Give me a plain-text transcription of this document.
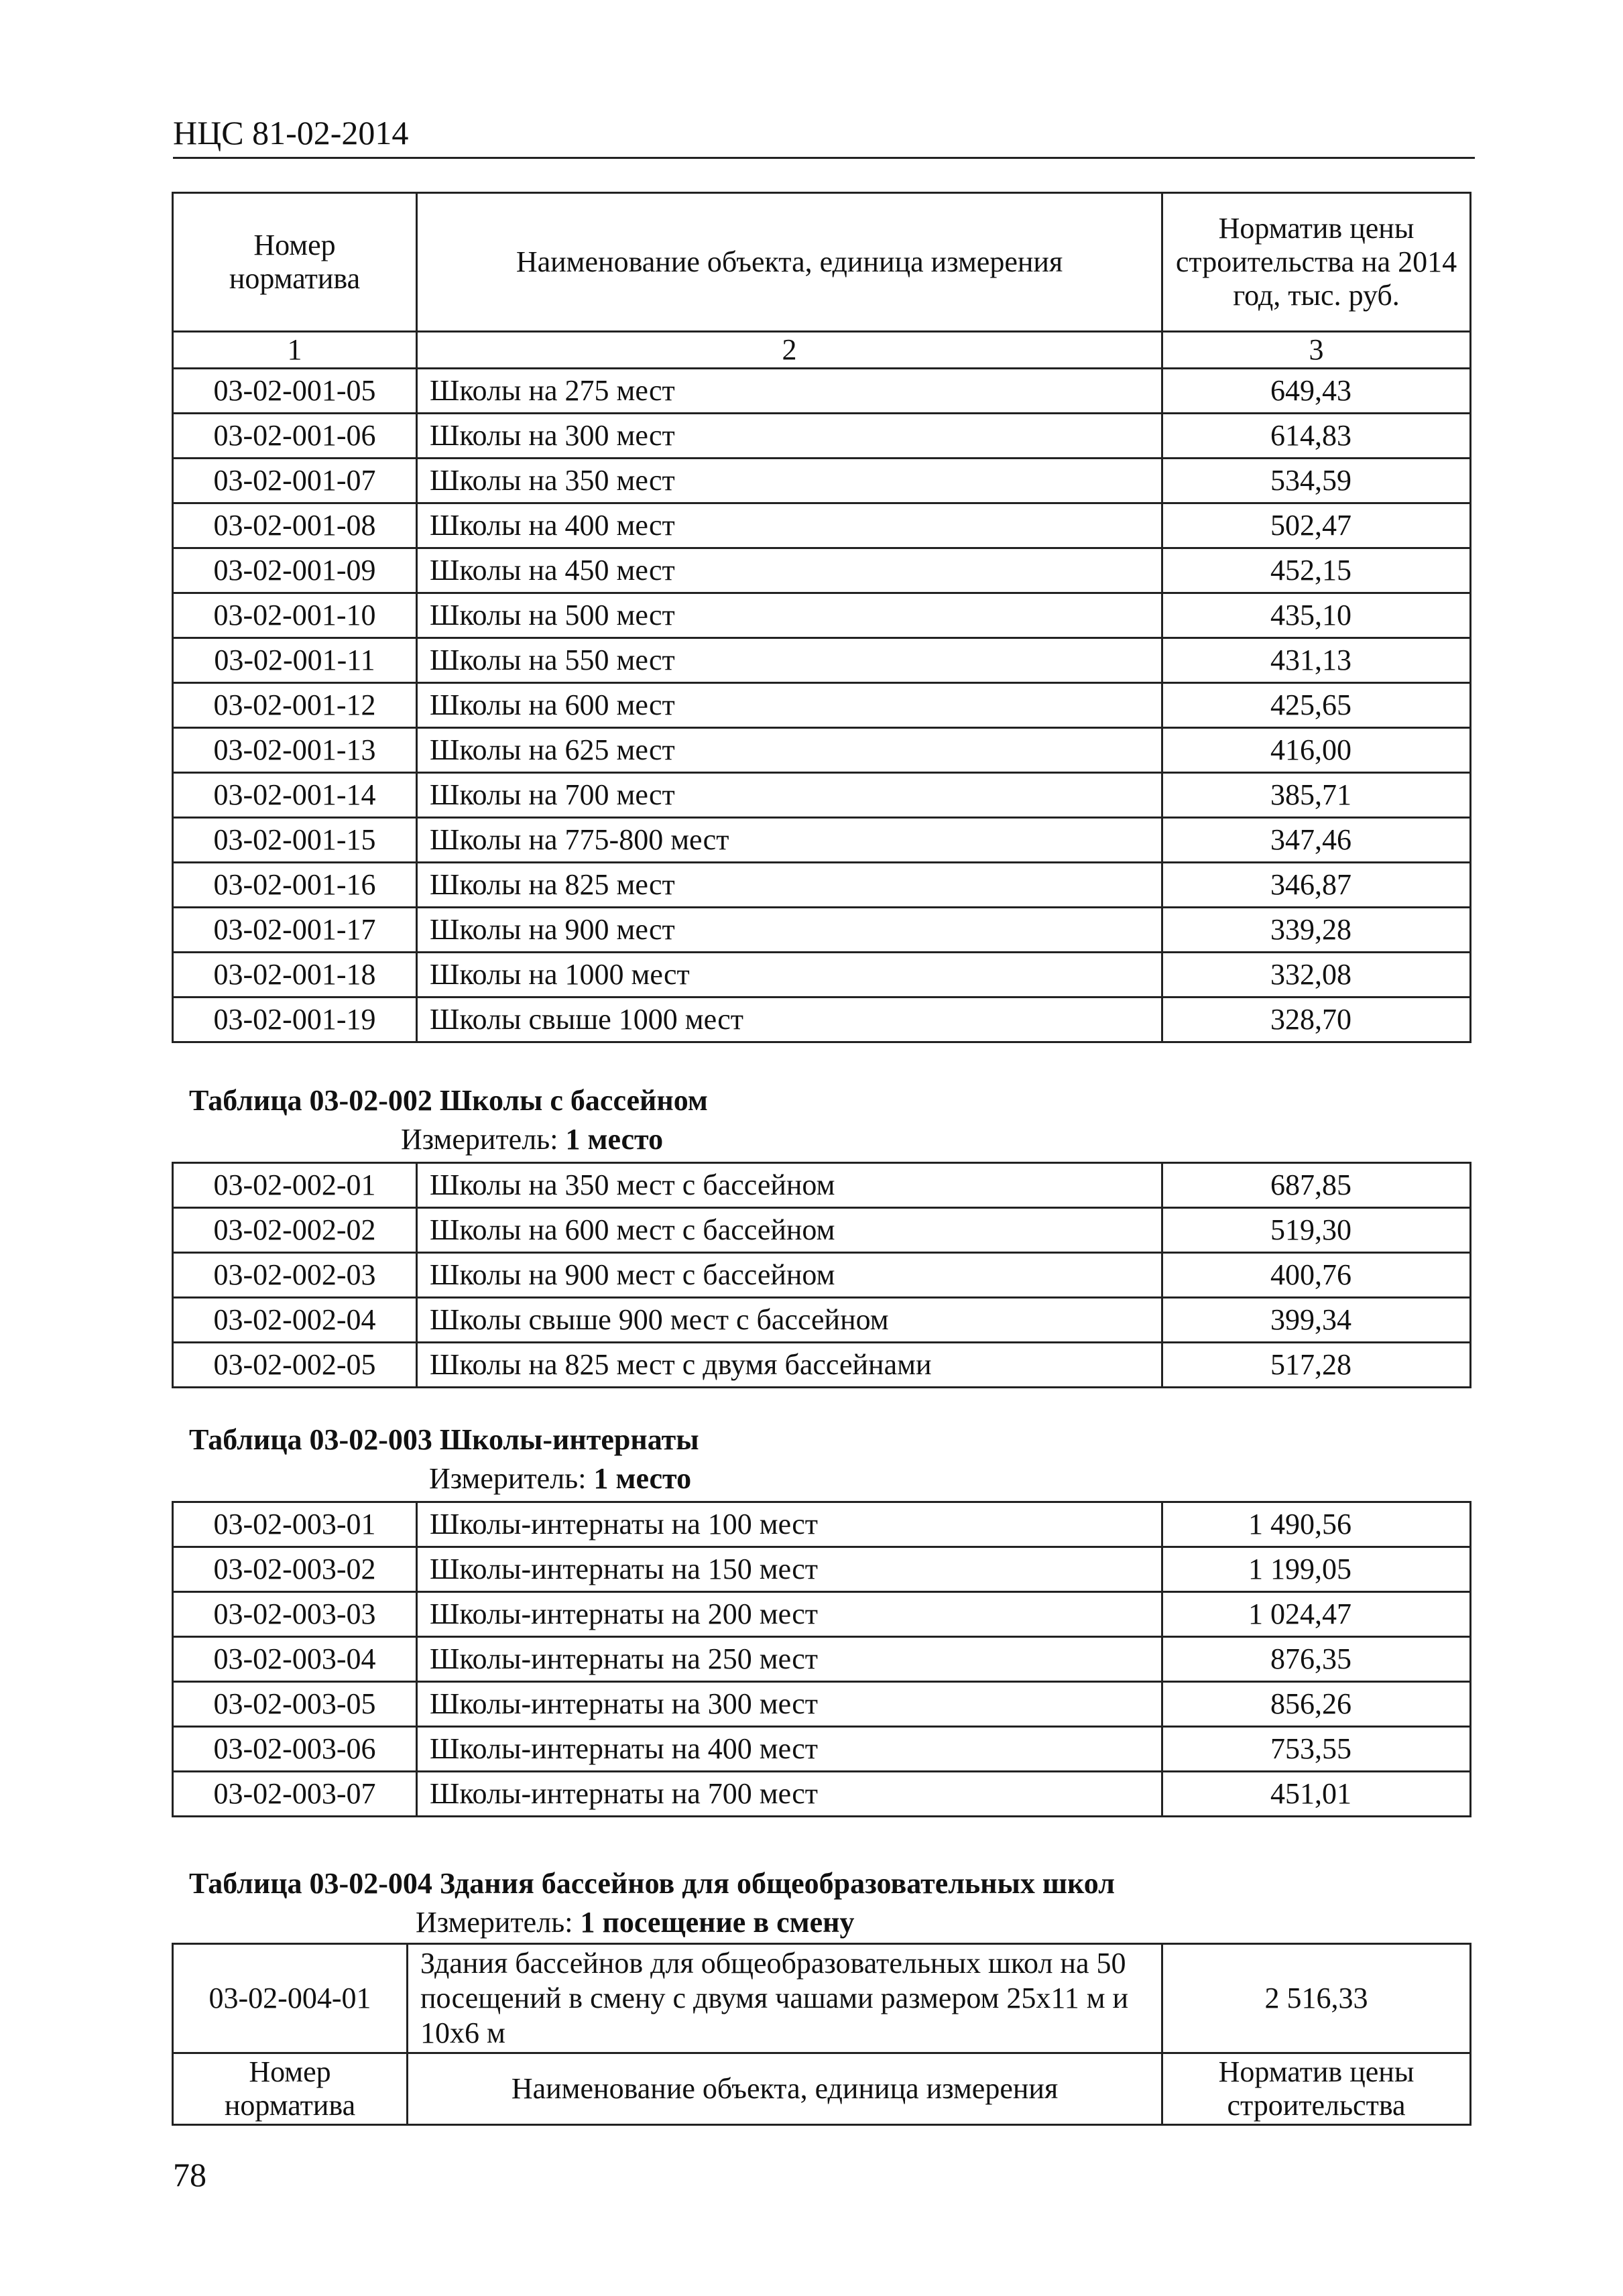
НЦС 81-02-2014
Номер норматива	Наименование объекта, единица измерения	Норматив цены строительства на 2014 год, тыс. руб.
1	2	3
03-02-001-05	Школы на 275 мест	649,43
03-02-001-06	Школы на 300 мест	614,83
03-02-001-07	Школы на 350 мест	534,59
03-02-001-08	Школы на 400 мест	502,47
03-02-001-09	Школы на 450 мест	452,15
03-02-001-10	Школы на 500 мест	435,10
03-02-001-11	Школы на 550 мест	431,13
03-02-001-12	Школы на 600 мест	425,65
03-02-001-13	Школы на 625 мест	416,00
03-02-001-14	Школы на 700 мест	385,71
03-02-001-15	Школы на 775-800 мест	347,46
03-02-001-16	Школы на 825 мест	346,87
03-02-001-17	Школы на 900 мест	339,28
03-02-001-18	Школы на 1000 мест	332,08
03-02-001-19	Школы свыше 1000 мест	328,70
Таблица 03-02-002 Школы с бассейном
Измеритель: 1 место
03-02-002-01	Школы на 350 мест с бассейном	687,85
03-02-002-02	Школы на 600 мест с бассейном	519,30
03-02-002-03	Школы на 900 мест с бассейном	400,76
03-02-002-04	Школы свыше 900 мест с бассейном	399,34
03-02-002-05	Школы на 825 мест с двумя бассейнами	517,28
Таблица 03-02-003 Школы-интернаты
Измеритель: 1 место
03-02-003-01	Школы-интернаты на 100 мест	1 490,56
03-02-003-02	Школы-интернаты на 150 мест	1 199,05
03-02-003-03	Школы-интернаты на 200 мест	1 024,47
03-02-003-04	Школы-интернаты на 250 мест	876,35
03-02-003-05	Школы-интернаты на 300 мест	856,26
03-02-003-06	Школы-интернаты на 400 мест	753,55
03-02-003-07	Школы-интернаты на 700 мест	451,01
Таблица 03-02-004 Здания бассейнов для общеобразовательных школ
Измеритель: 1 посещение в смену
03-02-004-01	Здания бассейнов для общеобразовательных школ на 50 посещений в смену с двумя чашами размером 25х11 м и 10х6 м	2 516,33
Номер норматива	Наименование объекта, единица измерения	Норматив цены строительства
78
